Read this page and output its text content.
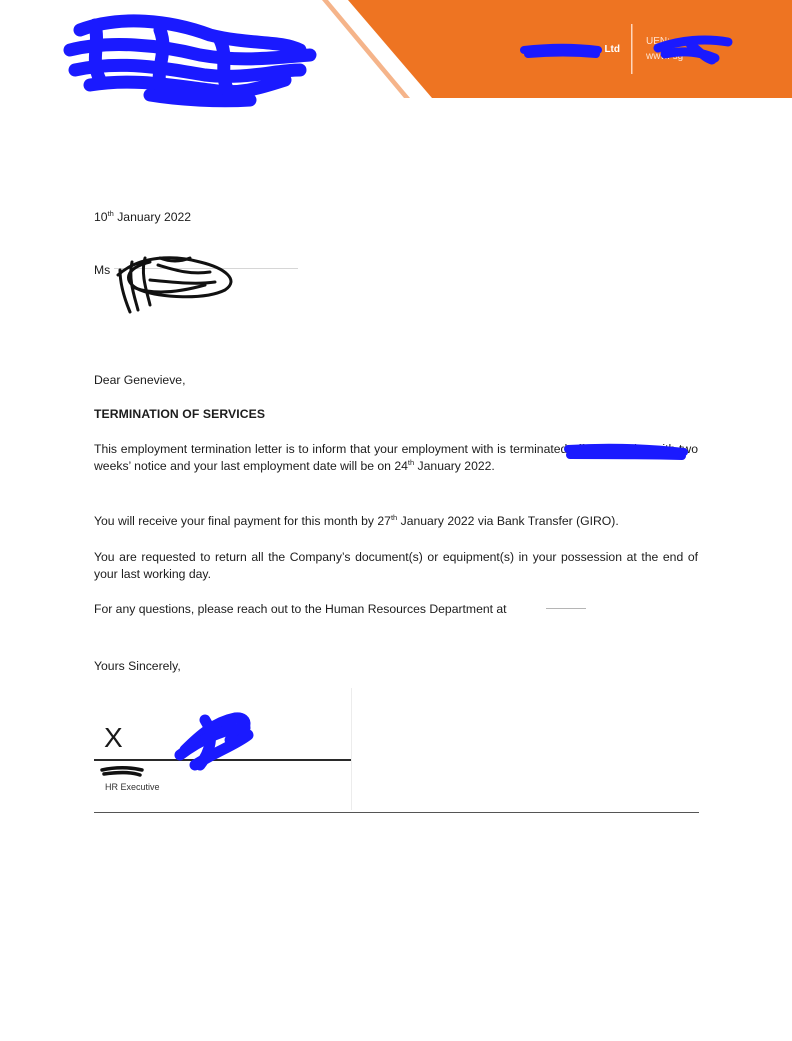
Ltd
UEN:
www. sg
10th January 2022
Ms
Dear Genevieve,
TERMINATION OF SERVICES
This employment termination letter is to inform that your employment with is terminated effective today with two weeks’ notice and your last employment date will be on 24th January 2022.
You will receive your final payment for this month by 27th January 2022 via Bank Transfer (GIRO).
You are requested to return all the Company’s document(s) or equipment(s) in your possession at the end of your last working day.
For any questions, please reach out to the Human Resources Department at
Yours Sincerely,
X
HR Executive
